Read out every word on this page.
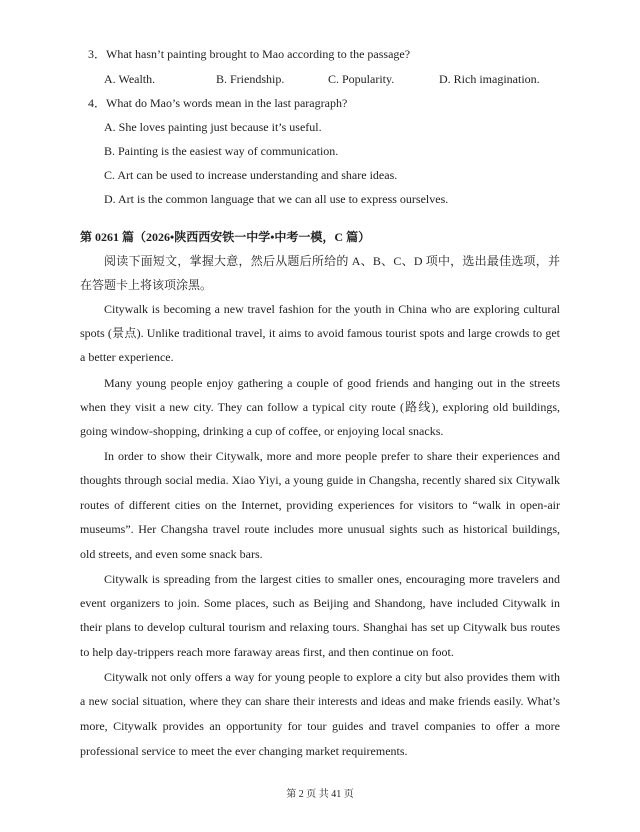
3．What hasn’t painting brought to Mao according to the passage?
A. Wealth.	B. Friendship.	C. Popularity.	D. Rich imagination.
4．What do Mao’s words mean in the last paragraph?
A. She loves painting just because it’s useful.
B. Painting is the easiest way of communication.
C. Art can be used to increase understanding and share ideas.
D. Art is the common language that we can all use to express ourselves.
第 0261 篇（2026•陕西西安铁一中学•中考一模，C 篇）
阅读下面短文，掌握大意，然后从题后所给的 A、B、C、D 项中，选出最佳选项，并
在答题卡上将该项涂黑。
Citywalk is becoming a new travel fashion for the youth in China who are exploring cultural
spots (景点). Unlike traditional travel, it aims to avoid famous tourist spots and large crowds to get
a better experience.
Many young people enjoy gathering a couple of good friends and hanging out in the streets
when they visit a new city. They can follow a typical city route (路线), exploring old buildings,
going window-shopping, drinking a cup of coffee, or enjoying local snacks.
In order to show their Citywalk, more and more people prefer to share their experiences and
thoughts through social media. Xiao Yiyi, a young guide in Changsha, recently shared six Citywalk
routes of different cities on the Internet, providing experiences for visitors to “walk in open-air
museums”. Her Changsha travel route includes more unusual sights such as historical buildings,
old streets, and even some snack bars.
Citywalk is spreading from the largest cities to smaller ones, encouraging more travelers and
event organizers to join. Some places, such as Beijing and Shandong, have included Citywalk in
their plans to develop cultural tourism and relaxing tours. Shanghai has set up Citywalk bus routes
to help day-trippers reach more faraway areas first, and then continue on foot.
Citywalk not only offers a way for young people to explore a city but also provides them with
a new social situation, where they can share their interests and ideas and make friends easily. What’s
more, Citywalk provides an opportunity for tour guides and travel companies to offer a more
professional service to meet the ever changing market requirements.
第 2 页 共 41 页
